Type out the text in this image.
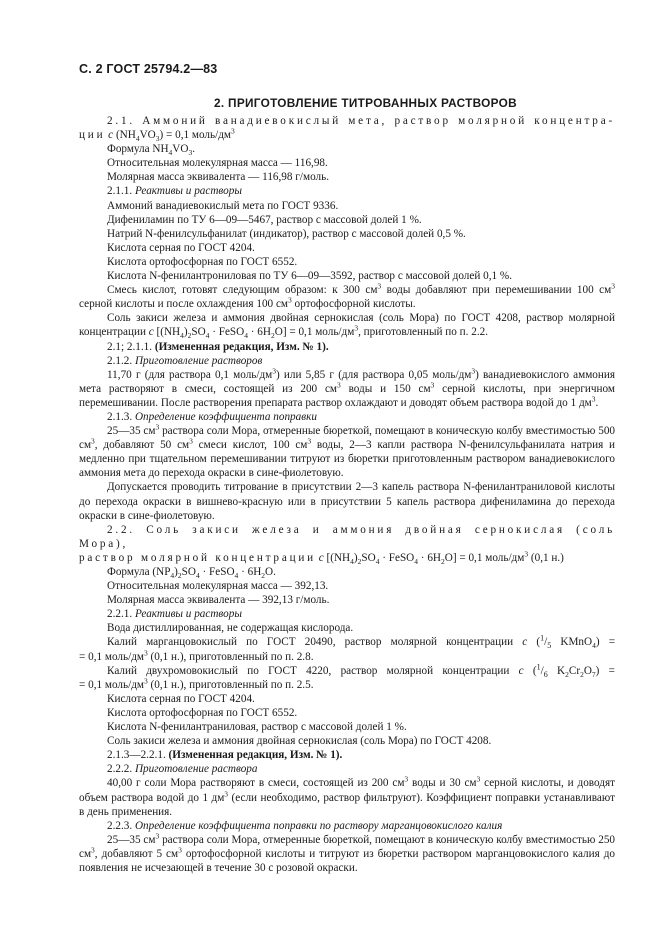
С. 2 ГОСТ 25794.2—83
2. ПРИГОТОВЛЕНИЕ ТИТРОВАННЫХ РАСТВОРОВ

2.1. Аммоний ванадиевокислый мета, раствор молярной концентра-

ции c $(NH_4VO_3) = 0,1$ моль/$дм^3$

Формула $NH_4VO_3$.

Относительная молекулярная масса — 116,98.

Молярная масса эквивалента — 116,98 г/моль.

2.1.1. Реактивы и растворы

Аммоний ванадиевокислый мета по ГОСТ 9336.

Дифениламин по ТУ 6—09—5467, раствор с массовой долей 1 %.

Натрий N-фенилсульфанилат (индикатор), раствор с массовой долей 0,5 %.

Кислота серная по ГОСТ 4204.

Кислота ортофосфорная по ГОСТ 6552.

Кислота N-фенилантрониловая по ТУ 6—09—3592, раствор с массовой долей 0,1 %.

Смесь кислот, готовят следующим образом: к 300 $см^3$ воды добавляют при перемешивании 100 $см^3$ серной кислоты и после охлаждения 100 $см^3$ ортофосфорной кислоты.

Соль закиси железа и аммония двойная сернокислая (соль Мора) по ГОСТ 4208, раствор молярной концентрации c [$(NH_4)_2SO_4$ · FeSO$_4$ · $6H_2O] = 0,1$ моль/$дм^3$, приготовленный по п. 2.2.

2.1; 2.1.1. (Измененная редакция, Изм. № 1).

2.1.2. Приготовление растворов

11,70 г (для раствора 0,1 моль/$дм^3$) или 5,85 г (для раствора 0,05 моль/$дм^3$) ванадиевокислого аммония мета растворяют в смеси, состоящей из 200 $см^3$ воды и 150 $см^3$ серной кислоты, при энергичном перемешивании. После растворения препарата раствор охлаждают и доводят объем раствора водой до 1 $дм^3$.

2.1.3. Определение коэффициента поправки

25—35 $см^3$ раствора соли Мора, отмеренные бюреткой, помещают в коническую колбу вместимостью 500 $см^3$, добавляют 50 $см^3$ смеси кислот, 100 $см^3$ воды, 2—3 капли раствора N-фенилсульфанилата натрия и медленно при тщательном перемешивании титруют из бюретки приготовленным раствором ванадиевокислого аммония мета до перехода окраски в сине-фиолетовую.

Допускается проводить титрование в присутствии 2—3 капель раствора N-фенилантраниловой кислоты до перехода окраски в вишнево-красную или в присутствии 5 капель раствора дифениламина до перехода окраски в сине-фиолетовую.

2.2. Соль закиси железа и аммония двойная сернокислая (соль Мора),

раствор молярной концентрации c [$(NH_4)_2SO_4$ · FeSO$_4$ · $6H_2O] = 0,1$ моль/$дм^3$ (0,1 н.)

Формула $(NP_4)_2SO_4$ · FeSO$_4$ · $6H_2O$.

Относительная молекулярная масса — 392,13.

Молярная масса эквивалента — 392,13 г/моль.

2.2.1. Реактивы и растворы

Вода дистиллированная, не содержащая кислорода.

Калий марганцовокислый по ГОСТ 20490, раствор молярной концентрации c ($^1/_5$ KMnO$_4$) =

= 0,1 моль/$дм^3$ (0,1 н.), приготовленный по п. 2.8.

Калий двухромовокислый по ГОСТ 4220, раствор молярной концентрации c ($^1/_6$ $K_2Cr_2O_7$) =

= 0,1 моль/$дм^3$ (0,1 н.), приготовленный по п. 2.5.

Кислота серная по ГОСТ 4204.

Кислота ортофосфорная по ГОСТ 6552.

Кислота N-фенилантраниловая, раствор с массовой долей 1 %.

Соль закиси железа и аммония двойная сернокислая (соль Мора) по ГОСТ 4208.

2.1.3—2.2.1. (Измененная редакция, Изм. № 1).

2.2.2. Приготовление раствора

40,00 г соли Мора растворяют в смеси, состоящей из 200 $см^3$ воды и 30 $см^3$ серной кислоты, и доводят объем раствора водой до 1 $дм^3$ (если необходимо, раствор фильтруют). Коэффициент поправки устанавливают в день применения.

2.2.3. Определение коэффициента поправки по раствору марганцовокислого калия

25—35 $см^3$ раствора соли Мора, отмеренные бюреткой, помещают в коническую колбу вместимостью 250 $см^3$, добавляют 5 $см^3$ ортофосфорной кислоты и титруют из бюретки раствором марганцовокислого калия до появления не исчезающей в течение 30 с розовой окраски.
